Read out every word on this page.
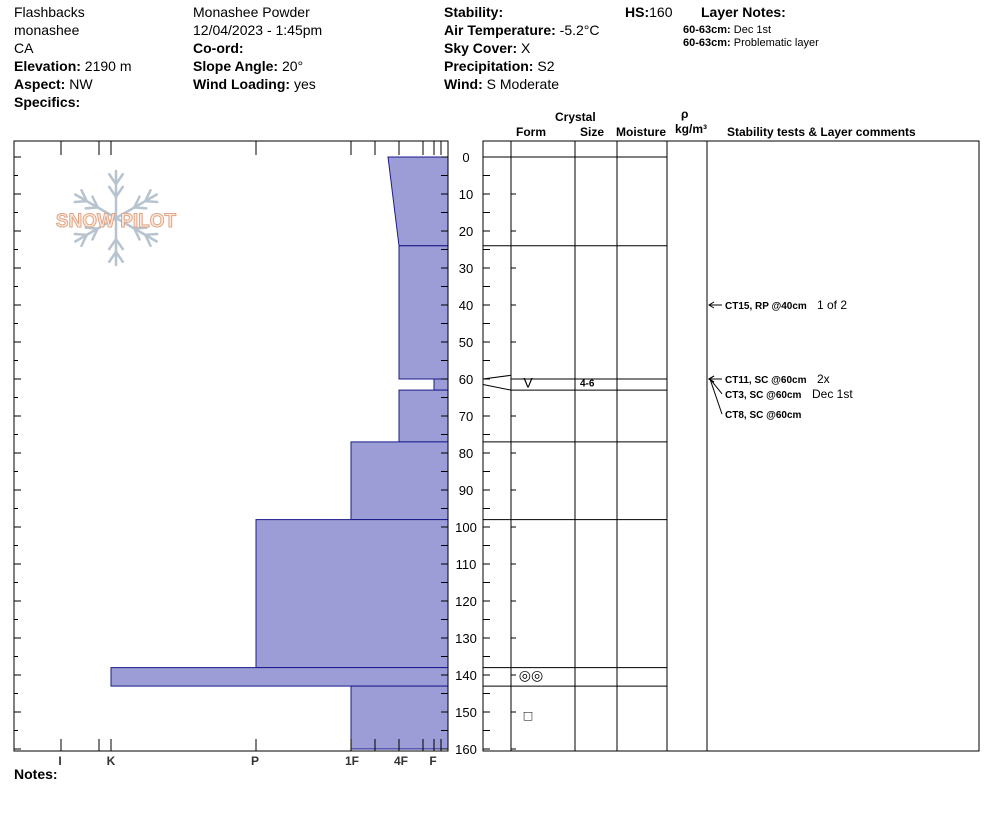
Flashbacks
monashee
CA
Elevation: 2190 m
Aspect: NW
Specifics:
Monashee Powder
12/04/2023 - 1:45pm
Co-ord:
Slope Angle: 20°
Wind Loading: yes
Stability:
Air Temperature: -5.2°C
Sky Cover: X
Precipitation: S2
Wind: S Moderate
HS:160 Layer Notes:
60-63cm: Dec 1st
60-63cm: Problematic layer
Crystal
Form	Size Moisture
ρ
kg/m³ Stability tests & Layer comments
SNOW PILOT
I	K	P	1F	4F F
0
10
20
30
40
50
60
70
80
90
100
110
120
130
140
150
160
V	4-6
◎◎
□
CT15, RP @40cm 1 of 2
CT11, SC @60cm 2x
CT3, SC @60cm Dec 1st
CT8, SC @60cm
Notes:
